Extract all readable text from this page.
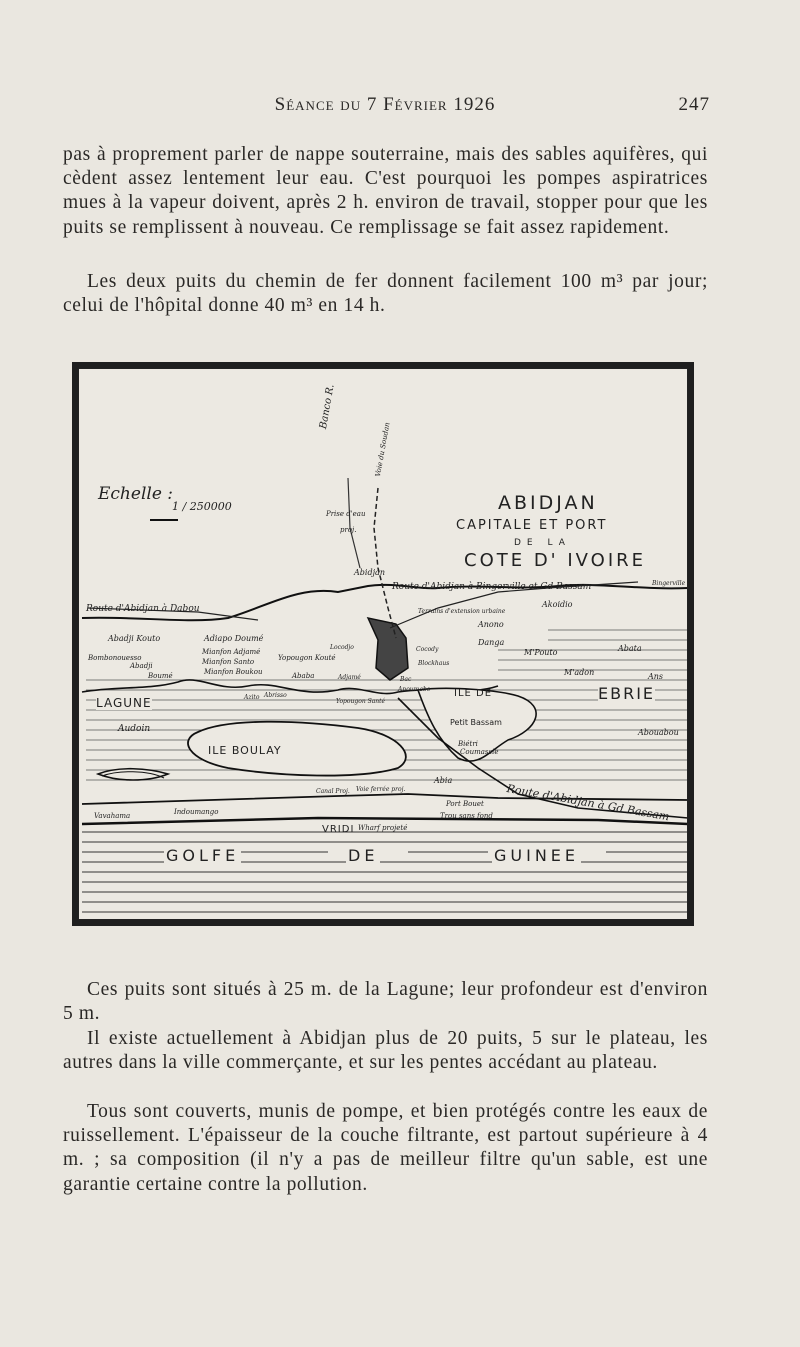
Séance du 7 Février 1926	247

pas à proprement parler de nappe souterraine, mais des sables aquifères, qui cèdent assez lentement leur eau. C'est pourquoi les pompes aspiratrices mues à la vapeur doivent, après 2 h. environ de travail, stopper pour que les puits se remplissent à nouveau. Ce remplissage se fait assez rapidement.

Les deux puits du chemin de fer donnent facilement 100 m³ par jour; celui de l'hôpital donne 40 m³ en 14 h.

Echelle :
1 / 250000	ABIDJAN
CAPITALE ET PORT
DE LA
COTE D' IVOIRE
Banco R.
Prise d'eau
proj.
Abidjan
Voie du Soudan
Route d'Abidjan à Dabou
Route d'Abidjan à Bingerville et Gd Bassam	Bingerville
Akoidio
Anono
Danga
M'Pouto	Abata
M'adon	Ans
EBRIE
ILE DE
Abouabou
Petit Bassam
Biétri
Coumassie
Abia
Route d'Abidjan à Gd Bassam
Port Bouet
Trou sans fond
VRIDI Wharf projeté
Voie ferrée proj.
Canal Proj.
LAGUNE
Audoin
ILE BOULAY
Abadji Kouto
Bombonouesso
Abadji
Boumé
Adiapo Doumé
Mianfon Adjamé
Mianfon Santo
Mianfon Boukou
Azito Abrisso
Yopougon Kouté
Locodjo
Ababa	Adjamé
Yopougon Santé
Terrains d'extension urbaine
Cocody
Anoumabo
Bac
Blockhaus
Vavahama	Indoumango
GOLFE	DE	GUINEE

Ces puits sont situés à 25 m. de la Lagune; leur profondeur est d'environ 5 m.

Il existe actuellement à Abidjan plus de 20 puits, 5 sur le plateau, les autres dans la ville commerçante, et sur les pentes accédant au plateau.

Tous sont couverts, munis de pompe, et bien protégés contre les eaux de ruissellement. L'épaisseur de la couche filtrante, est partout supérieure à 4 m. ; sa composition (il n'y a pas de meilleur filtre qu'un sable, est une garantie certaine contre la pollution.
